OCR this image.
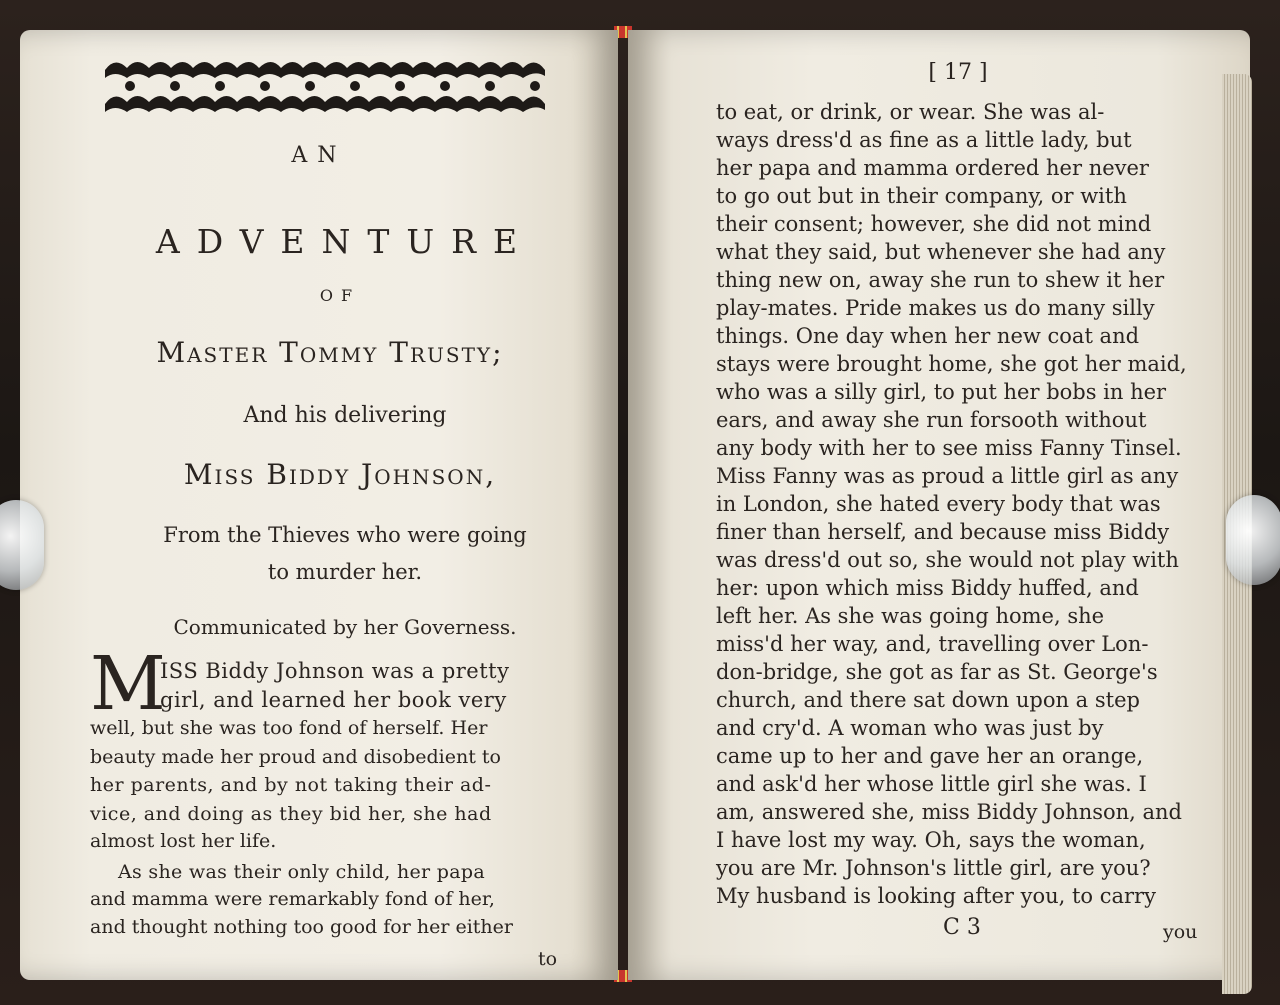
AN
ADVENTURE
OF
Master Tommy Trusty;
And his delivering
Miss Biddy Johnson,
From the Thieves who were going
to murder her.
Communicated by her Governess.
M
ISS Biddy Johnson was a pretty
girl, and learned her book very
well, but she was too fond of herself. Her
beauty made her proud and disobedient to
her parents, and by not taking their ad-
vice, and doing as they bid her, she had
almost lost her life.
As she was their only child, her papa
and mamma were remarkably fond of her,
and thought nothing too good for her either
to
[ 17 ]
to eat, or drink, or wear. She was al-
ways dress'd as fine as a little lady, but
her papa and mamma ordered her never
to go out but in their company, or with
their consent; however, she did not mind
what they said, but whenever she had any
thing new on, away she run to shew it her
play-mates. Pride makes us do many silly
things. One day when her new coat and
stays were brought home, she got her maid,
who was a silly girl, to put her bobs in her
ears, and away she run forsooth without
any body with her to see miss Fanny Tinsel.
Miss Fanny was as proud a little girl as any
in London, she hated every body that was
finer than herself, and because miss Biddy
was dress'd out so, she would not play with
her: upon which miss Biddy huffed, and
left her. As she was going home, she
miss'd her way, and, travelling over Lon-
don-bridge, she got as far as St. George's
church, and there sat down upon a step
and cry'd. A woman who was just by
came up to her and gave her an orange,
and ask'd her whose little girl she was. I
am, answered she, miss Biddy Johnson, and
I have lost my way. Oh, says the woman,
you are Mr. Johnson's little girl, are you?
My husband is looking after you, to carry
C 3	you
